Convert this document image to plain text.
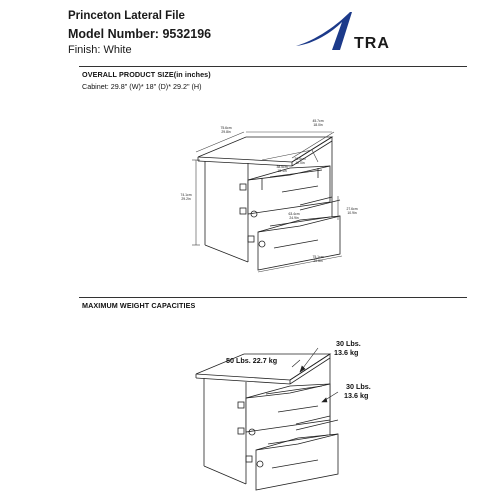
Princeton Lateral File
Model Number: 9532196
Finish: White	TRA
OVERALL PRODUCT SIZE(in inches)
Cabinet: 29.8" (W)* 18" (D)* 29.2" (H)
75.6cm 29.8in
45.7cm 18.0in
74.1cm 29.2in
30.5cm 12.0in
38.5cm 15.1in
63.4cm 24.9in
27.6cm 10.9in
75.1cm 29.6in
MAXIMUM WEIGHT CAPACITIES
50 Lbs. 22.7 kg
30 Lbs.
13.6 kg
30 Lbs.
13.6 kg
